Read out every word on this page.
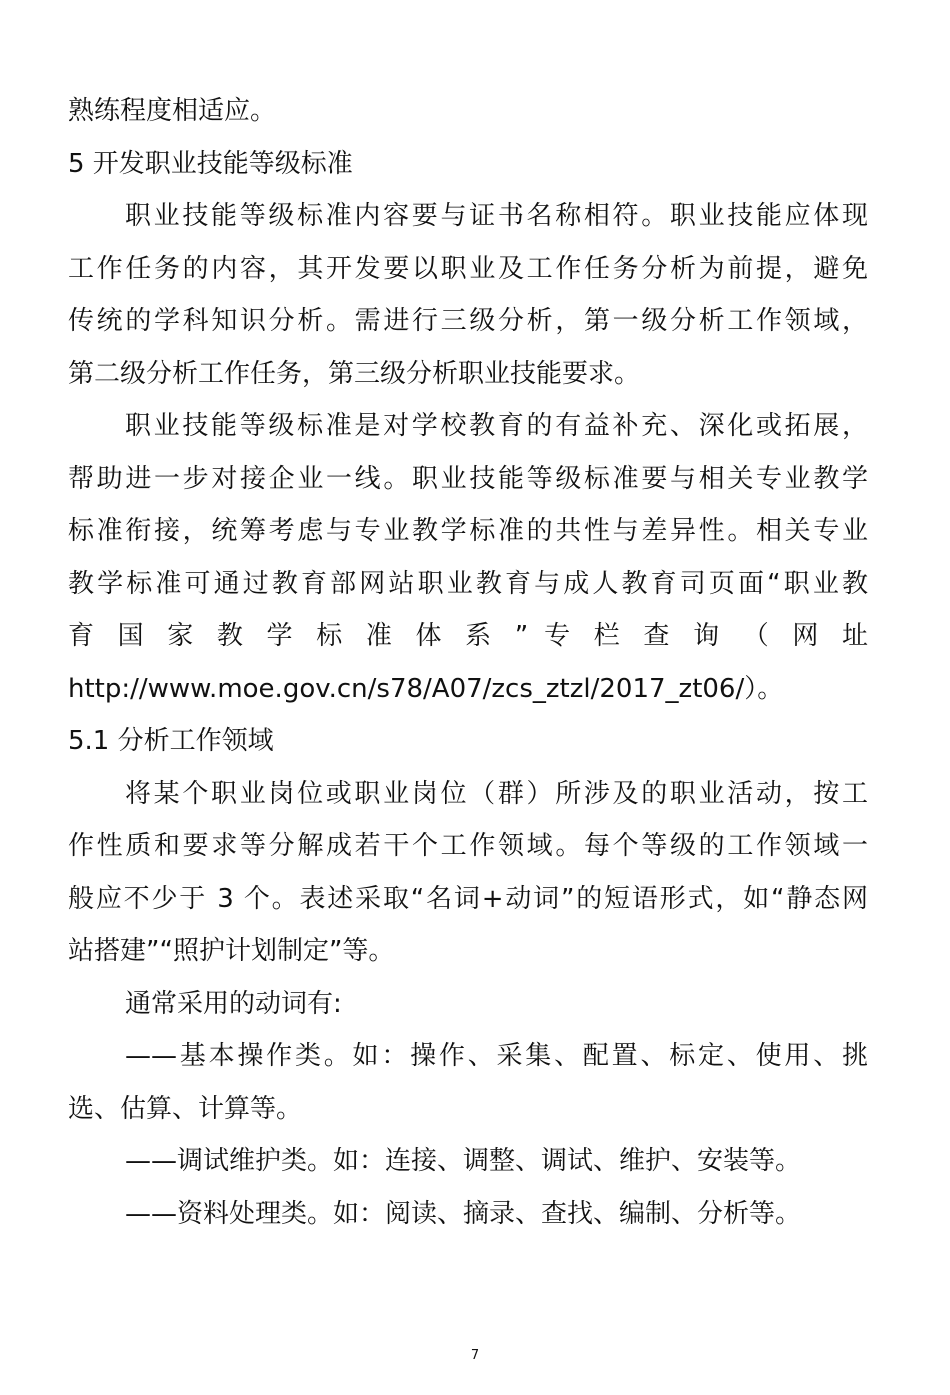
熟练程度相适应。
5 开发职业技能等级标准
职业技能等级标准内容要与证书名称相符。职业技能应体现
工作任务的内容，其开发要以职业及工作任务分析为前提，避免
传统的学科知识分析。需进行三级分析，第一级分析工作领域，
第二级分析工作任务，第三级分析职业技能要求。
职业技能等级标准是对学校教育的有益补充、深化或拓展，
帮助进一步对接企业一线。职业技能等级标准要与相关专业教学
标准衔接，统筹考虑与专业教学标准的共性与差异性。相关专业
教学标准可通过教育部网站职业教育与成人教育司页面“职业教
育 国 家 教 学 标 准 体 系 ” 专 栏 查 询 （ 网 址
http://www.moe.gov.cn/s78/A07/zcs_ztzl/2017_zt06/）。
5.1 分析工作领域
将某个职业岗位或职业岗位（群）所涉及的职业活动，按工
作性质和要求等分解成若干个工作领域。每个等级的工作领域一
般应不少于 3 个。表述采取“名词+动词”的短语形式，如“静态网
站搭建”“照护计划制定”等。
通常采用的动词有:
——基本操作类。如：操作、采集、配置、标定、使用、挑
选、估算、计算等。
——调试维护类。如：连接、调整、调试、维护、安装等。
——资料处理类。如：阅读、摘录、查找、编制、分析等。
7
